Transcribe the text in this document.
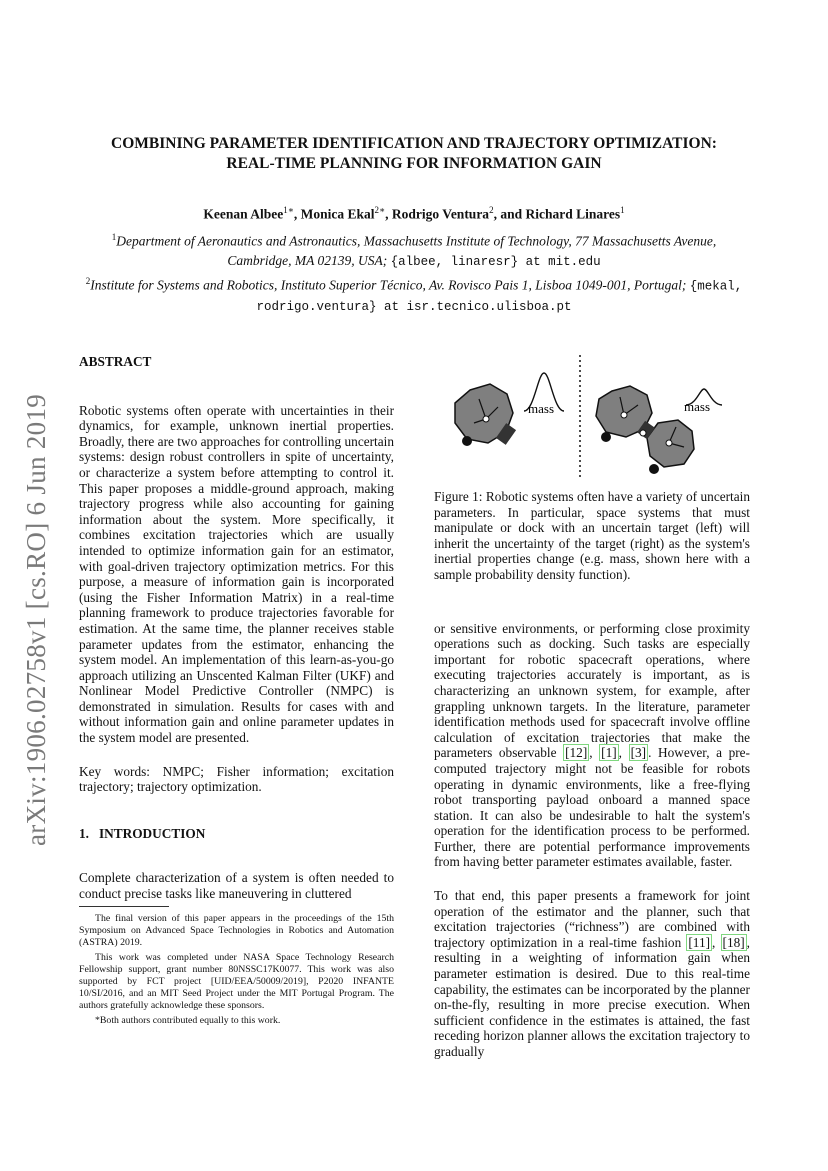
arXiv:1906.02758v1 [cs.RO] 6 Jun 2019
COMBINING PARAMETER IDENTIFICATION AND TRAJECTORY OPTIMIZATION:
REAL-TIME PLANNING FOR INFORMATION GAIN
Keenan Albee$^{1∗}$, Monica Ekal$^{2∗}$, Rodrigo Ventura$^2$, and Richard Linares$^1$
$^1$Department of Aeronautics and Astronautics, Massachusetts Institute of Technology, 77 Massachusetts Avenue,
Cambridge, MA 02139, USA; {albee, linaresr} at mit.edu
$^2$Institute for Systems and Robotics, Instituto Superior Técnico, Av. Rovisco Pais 1, Lisboa 1049-001, Portugal; {mekal,
rodrigo.ventura} at isr.tecnico.ulisboa.pt

ABSTRACT

Robotic systems often operate with uncertainties in their dynamics, for example, unknown inertial properties. Broadly, there are two approaches for controlling uncertain systems: design robust controllers in spite of uncertainty, or characterize a system before attempting to control it. This paper proposes a middle-ground approach, making trajectory progress while also accounting for gaining information about the system. More specifically, it combines excitation trajectories which are usually intended to optimize information gain for an estimator, with goal-driven trajectory optimization metrics. For this purpose, a measure of information gain is incorporated (using the Fisher Information Matrix) in a real-time planning framework to produce trajectories favorable for estimation. At the same time, the planner receives stable parameter updates from the estimator, enhancing the system model. An implementation of this learn-as-you-go approach utilizing an Unscented Kalman Filter (UKF) and Nonlinear Model Predictive Controller (NMPC) is demonstrated in simulation. Results for cases with and without information gain and online parameter updates in the system model are presented.

Key words: NMPC; Fisher information; excitation trajectory; trajectory optimization.

1.   INTRODUCTION

Complete characterization of a system is often needed to conduct precise tasks like maneuvering in cluttered

The final version of this paper appears in the proceedings of the 15th Symposium on Advanced Space Technologies in Robotics and Automation (ASTRA) 2019.

This work was completed under NASA Space Technology Research Fellowship support, grant number 80NSSC17K0077. This work was also supported by FCT project [UID/EEA/50009/2019], P2020 INFANTE 10/SI/2016, and an MIT Seed Project under the MIT Portugal Program. The authors gratefully acknowledge these sponsors.

*Both authors contributed equally to this work.

mass	mass

Figure 1: Robotic systems often have a variety of uncertain parameters. In particular, space systems that must manipulate or dock with an uncertain target (left) will inherit the uncertainty of the target (right) as the system's inertial properties change (e.g. mass, shown here with a sample probability density function).

or sensitive environments, or performing close proximity operations such as docking. Such tasks are especially important for robotic spacecraft operations, where executing trajectories accurately is important, as is characterizing an unknown system, for example, after grappling unknown targets. In the literature, parameter identification methods used for spacecraft involve offline calculation of excitation trajectories that make the parameters observable [12] , [1] , [3] . However, a pre-computed trajectory might not be feasible for robots operating in dynamic environments, like a free-flying robot transporting payload onboard a manned space station. It can also be undesirable to halt the system's operation for the identification process to be performed. Further, there are potential performance improvements from having better parameter estimates available, faster.

To that end, this paper presents a framework for joint operation of the estimator and the planner, such that excitation trajectories (“richness”) are combined with trajectory optimization in a real-time fashion [11] , [18] , resulting in a weighting of information gain when parameter estimation is desired. Due to this real-time capability, the estimates can be incorporated by the planner on-the-fly, resulting in more precise execution. When sufficient confidence in the estimates is attained, the fast receding horizon planner allows the excitation trajectory to gradually
